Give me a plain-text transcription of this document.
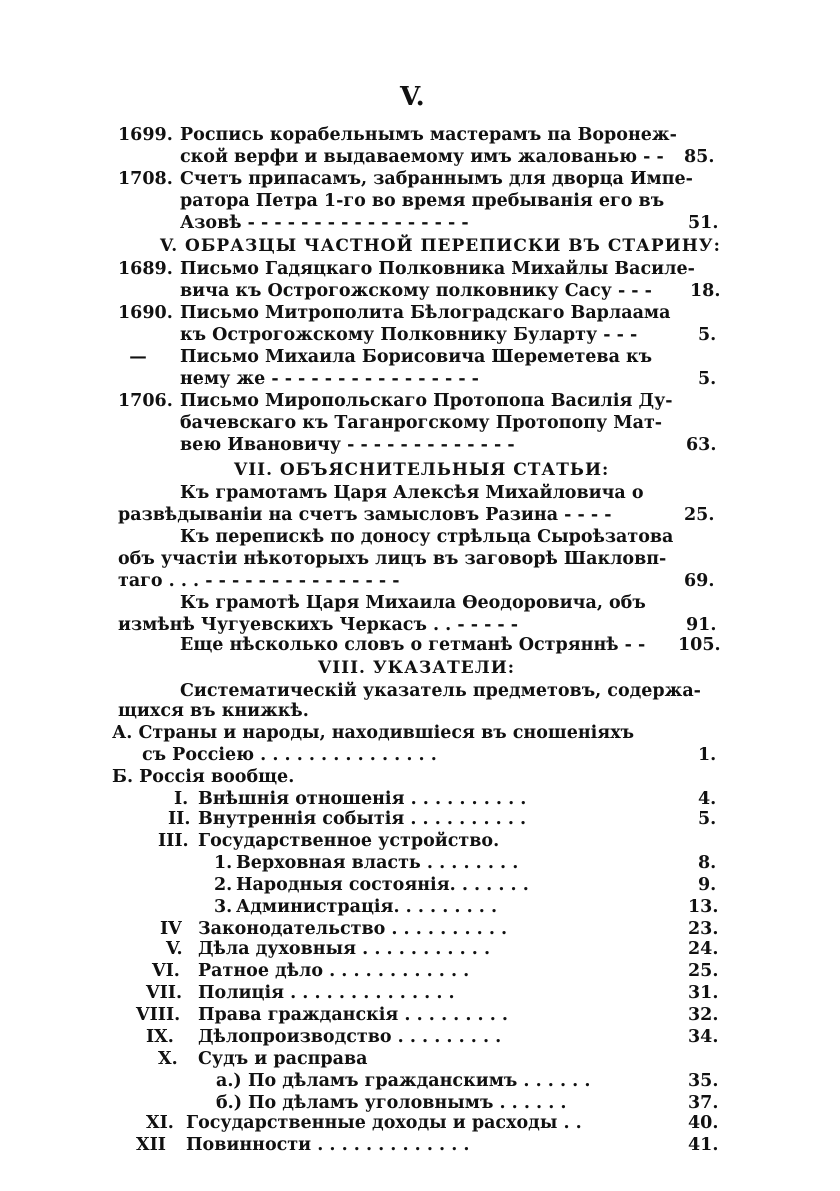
V.
1699. Роспись корабельнымъ мастерамъ па Воронеж-
ской верфи и выдаваемому имъ жалованью - - 85.
1708. Счетъ припасамъ, забраннымъ для дворца Импе-
ратора Петра 1-го во время пребыванія его въ
Азовѣ - - - - - - - - - - - - - - - - -	51.
V. ОБРАЗЦЫ ЧАСТНОЙ ПЕРЕПИСКИ ВЪ СТАРИНУ:
1689. Письмо Гадяцкаго Полковника Михайлы Василе-
вича къ Острогожскому полковнику Сасу - - - 18.
1690. Письмо Митрополита Бѣлоградскаго Варлаама
къ Острогожскому Полковнику Буларту - - -	5.
—	Письмо Михаила Борисовича Шереметева къ
нему же - - - - - - - - - - - - - - - -	5.
1706. Письмо Миропольскаго Протопопа Василія Ду-
бачевскаго къ Таганрогскому Протопопу Мат-
вею Ивановичу - - - - - - - - - - - - -	63.
VII. ОБЪЯСНИТЕЛЬНЫЯ СТАТЬИ:
Къ грамотамъ Царя Алексѣя Михайловича о
развѣдываніи на счетъ замысловъ Разина - - - -	25.
Къ перепискѣ по доносу стрѣльца Сыроѣзатова
объ участіи нѣкоторыхъ лицъ въ заговорѣ Шакловп-
таго . . . - - - - - - - - - - - - - - -	69.
Къ грамотѣ Царя Михаила Ѳеодоровича, объ
измѣнѣ Чугуевскихъ Черкасъ . . - - - - -	91.
Еще нѣсколько словъ о гетманѣ Остряннѣ - - 105.
VIII. УКАЗАТЕЛИ:
Систематическій указатель предметовъ, содержа-
щихся въ книжкѣ.
А. Страны и народы, находившіеся въ сношеніяхъ
съ Россіею . . . . . . . . . . . . . . .	1.
Б. Россія вообще.
I. Внѣшнія отношенія . . . . . . . . . .	4.
II. Внутреннія событія . . . . . . . . . .	5.
III. Государственное устройство.
1. Верховная власть . . . . . . . .	8.
2. Народныя состоянія. . . . . . .	9.
3. Администрація. . . . . . . . .	13.
IV Законодательство . . . . . . . . . .	23.
V. Дѣла духовныя . . . . . . . . . . .	24.
VI. Ратное дѣло . . . . . . . . . . . .	25.
VII. Полиція . . . . . . . . . . . . . .	31.
VIII. Права гражданскія . . . . . . . . .	32.
IX. Дѣлопроизводство . . . . . . . . .	34.
X. Судъ и расправа
а.) По дѣламъ гражданскимъ . . . . . .	35.
б.) По дѣламъ уголовнымъ . . . . . .	37.
XI. Государственные доходы и расходы . .	40.
XII Повинности . . . . . . . . . . . . .	41.
